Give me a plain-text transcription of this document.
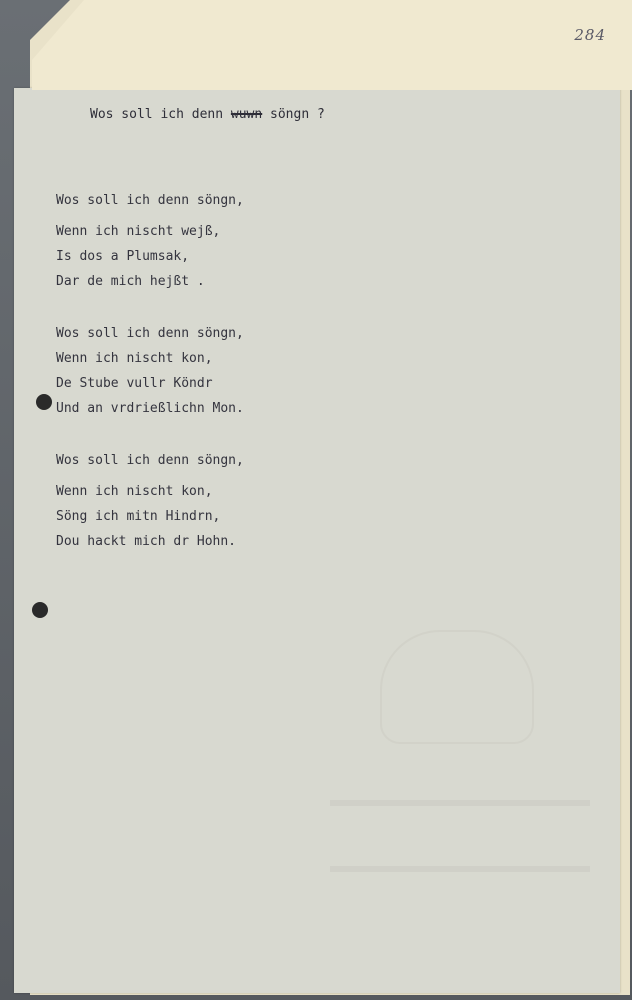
284
Wos soll ich denn wuwn söngn ?
Wos soll ich denn söngn,
Wenn ich nischt wejß,
Is dos a Plumsak,
Dar de mich hejßt .
Wos soll ich denn söngn,
Wenn ich nischt kon,
De Stube vullr Köndr
Und an vrdrießlichn Mon.
Wos soll ich denn söngn,
Wenn ich nischt kon,
Söng ich mitn Hindrn,
Dou hackt mich dr Hohn.
